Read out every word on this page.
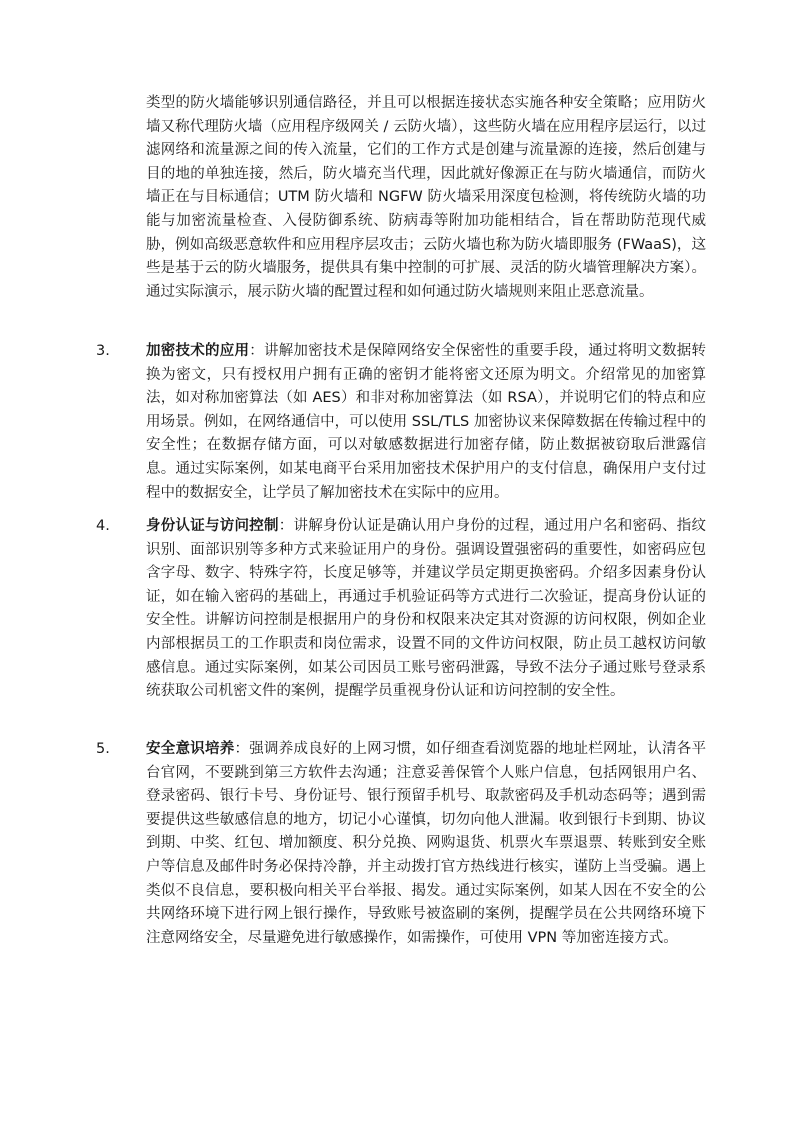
类型的防火墙能够识别通信路径，并且可以根据连接状态实施各种安全策略；应用防火墙又称代理防火墙（应用程序级网关 / 云防火墙），这些防火墙在应用程序层运行，以过滤网络和流量源之间的传入流量，它们的工作方式是创建与流量源的连接，然后创建与目的地的单独连接，然后，防火墙充当代理，因此就好像源正在与防火墙通信，而防火墙正在与目标通信；UTM 防火墙和 NGFW 防火墙采用深度包检测，将传统防火墙的功能与加密流量检查、入侵防御系统、防病毒等附加功能相结合，旨在帮助防范现代威胁，例如高级恶意软件和应用程序层攻击；云防火墙也称为防火墙即服务 (FWaaS)，这些是基于云的防火墙服务，提供具有集中控制的可扩展、灵活的防火墙管理解决方案）。通过实际演示，展示防火墙的配置过程和如何通过防火墙规则来阻止恶意流量。

3.	加密技术的应用：讲解加密技术是保障网络安全保密性的重要手段，通过将明文数据转换为密文，只有授权用户拥有正确的密钥才能将密文还原为明文。介绍常见的加密算法，如对称加密算法（如 AES）和非对称加密算法（如 RSA），并说明它们的特点和应用场景。例如，在网络通信中，可以使用 SSL/TLS 加密协议来保障数据在传输过程中的安全性；在数据存储方面，可以对敏感数据进行加密存储，防止数据被窃取后泄露信息。通过实际案例，如某电商平台采用加密技术保护用户的支付信息，确保用户支付过程中的数据安全，让学员了解加密技术在实际中的应用。

4.	身份认证与访问控制：讲解身份认证是确认用户身份的过程，通过用户名和密码、指纹识别、面部识别等多种方式来验证用户的身份。强调设置强密码的重要性，如密码应包含字母、数字、特殊字符，长度足够等，并建议学员定期更换密码。介绍多因素身份认证，如在输入密码的基础上，再通过手机验证码等方式进行二次验证，提高身份认证的安全性。讲解访问控制是根据用户的身份和权限来决定其对资源的访问权限，例如企业内部根据员工的工作职责和岗位需求，设置不同的文件访问权限，防止员工越权访问敏感信息。通过实际案例，如某公司因员工账号密码泄露，导致不法分子通过账号登录系统获取公司机密文件的案例，提醒学员重视身份认证和访问控制的安全性。

5.	安全意识培养：强调养成良好的上网习惯，如仔细查看浏览器的地址栏网址，认清各平台官网，不要跳到第三方软件去沟通；注意妥善保管个人账户信息，包括网银用户名、登录密码、银行卡号、身份证号、银行预留手机号、取款密码及手机动态码等；遇到需要提供这些敏感信息的地方，切记小心谨慎，切勿向他人泄漏。收到银行卡到期、协议到期、中奖、红包、增加额度、积分兑换、网购退货、机票火车票退票、转账到安全账户等信息及邮件时务必保持冷静，并主动拨打官方热线进行核实，谨防上当受骗。遇上类似不良信息，要积极向相关平台举报、揭发。通过实际案例，如某人因在不安全的公共网络环境下进行网上银行操作，导致账号被盗刷的案例，提醒学员在公共网络环境下注意网络安全，尽量避免进行敏感操作，如需操作，可使用 VPN 等加密连接方式。
